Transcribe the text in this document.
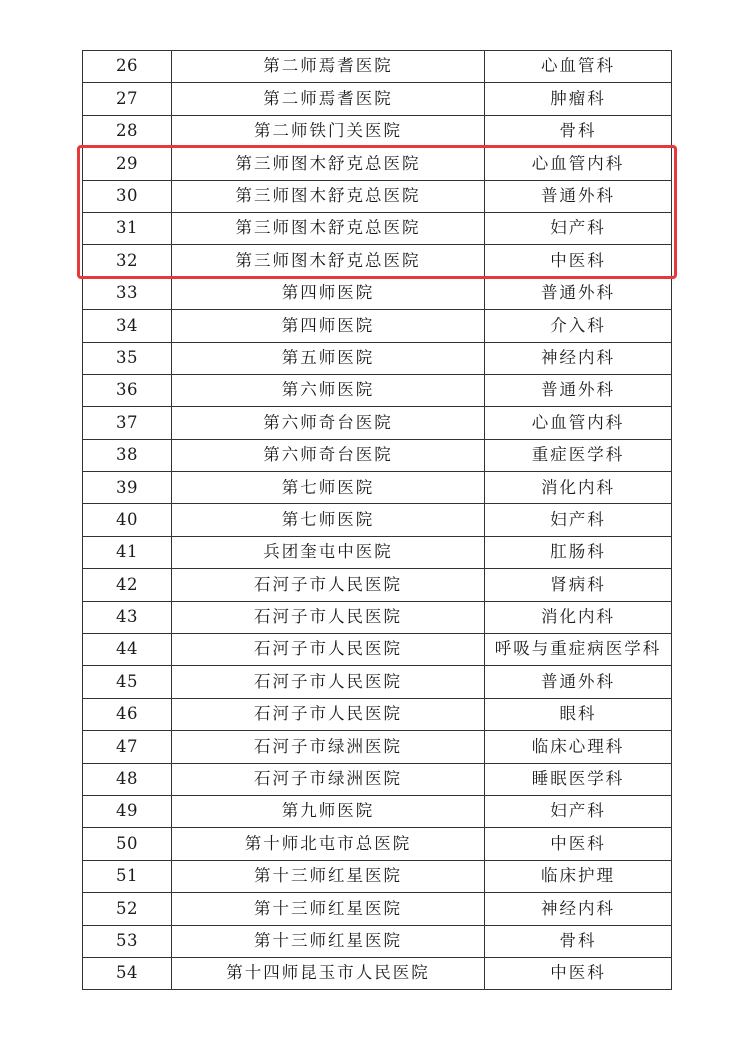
26	第二师焉耆医院	心血管科
27	第二师焉耆医院	肿瘤科
28	第二师铁门关医院	骨科
29	第三师图木舒克总医院	心血管内科
30	第三师图木舒克总医院	普通外科
31	第三师图木舒克总医院	妇产科
32	第三师图木舒克总医院	中医科
33	第四师医院	普通外科
34	第四师医院	介入科
35	第五师医院	神经内科
36	第六师医院	普通外科
37	第六师奇台医院	心血管内科
38	第六师奇台医院	重症医学科
39	第七师医院	消化内科
40	第七师医院	妇产科
41	兵团奎屯中医院	肛肠科
42	石河子市人民医院	肾病科
43	石河子市人民医院	消化内科
44	石河子市人民医院	呼吸与重症病医学科
45	石河子市人民医院	普通外科
46	石河子市人民医院	眼科
47	石河子市绿洲医院	临床心理科
48	石河子市绿洲医院	睡眠医学科
49	第九师医院	妇产科
50	第十师北屯市总医院	中医科
51	第十三师红星医院	临床护理
52	第十三师红星医院	神经内科
53	第十三师红星医院	骨科
54	第十四师昆玉市人民医院	中医科
